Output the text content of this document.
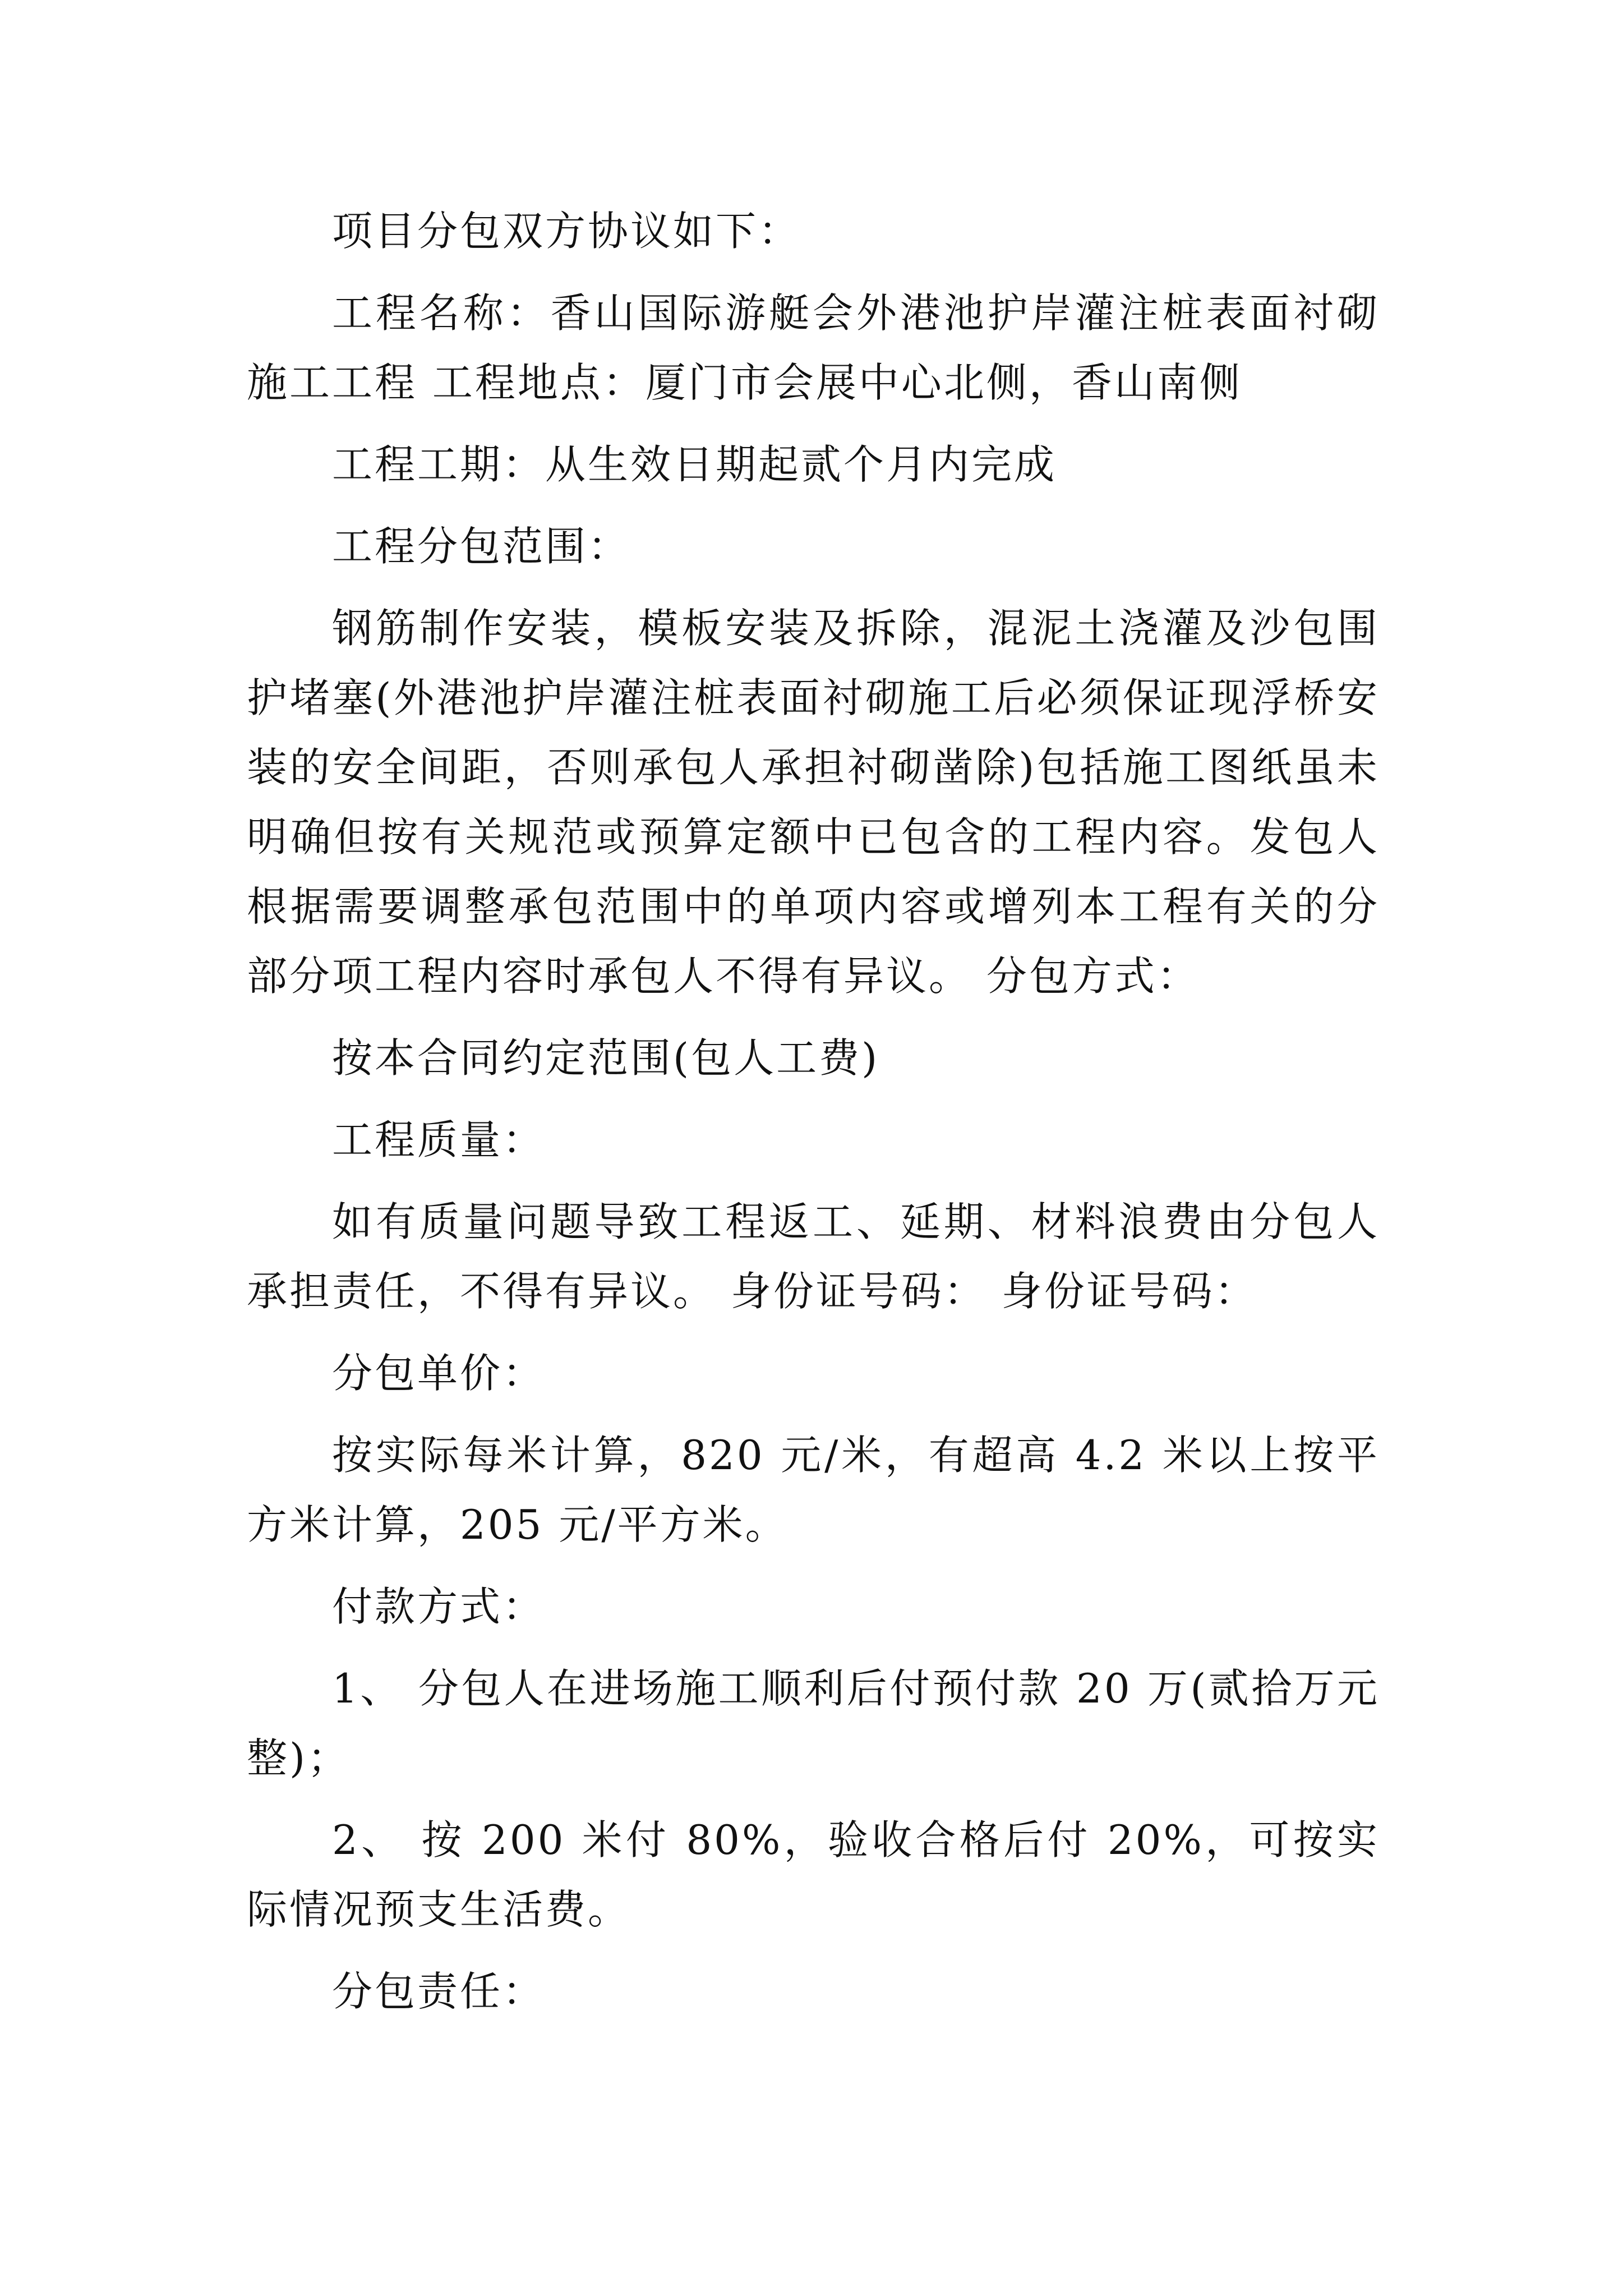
项目分包双方协议如下：

工程名称：香山国际游艇会外港池护岸灌注桩表面衬砌施工工程 工程地点：厦门市会展中心北侧，香山南侧

工程工期：从生效日期起贰个月内完成

工程分包范围：

钢筋制作安装，模板安装及拆除，混泥土浇灌及沙包围护堵塞(外港池护岸灌注桩表面衬砌施工后必须保证现浮桥安装的安全间距，否则承包人承担衬砌凿除)包括施工图纸虽未明确但按有关规范或预算定额中已包含的工程内容。发包人根据需要调整承包范围中的单项内容或增列本工程有关的分部分项工程内容时承包人不得有异议。 分包方式：

按本合同约定范围(包人工费)

工程质量：

如有质量问题导致工程返工、延期、材料浪费由分包人承担责任，不得有异议。 身份证号码： 身份证号码：

分包单价：

按实际每米计算，820 元/米，有超高 4.2 米以上按平方米计算，205 元/平方米。

付款方式：

1、 分包人在进场施工顺利后付预付款 20 万(贰拾万元整)；

2、 按 200 米付 80%，验收合格后付 20%，可按实际情况预支生活费。

分包责任：
